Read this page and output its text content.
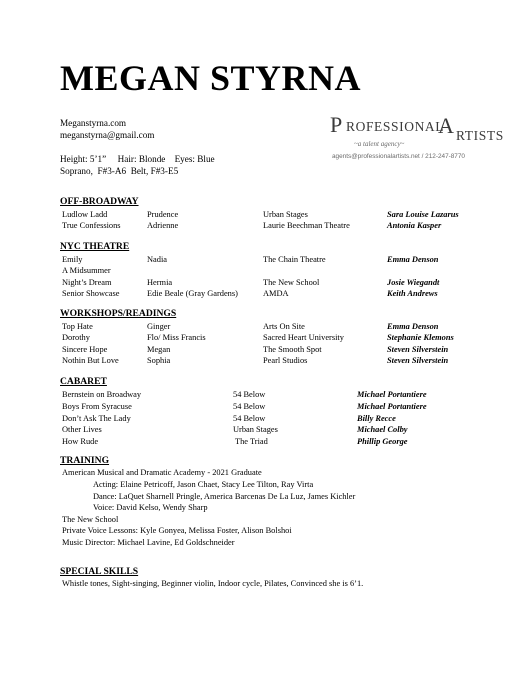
MEGAN STYRNA
Meganstyrna.com
meganstyrna@gmail.com
Height: 5’1”     Hair: Blonde    Eyes: Blue
Soprano,  F#3-A6  Belt, F#3-E5
P ROFESSIONAL
A RTISTS
~a talent agency~
agents@professionalartists.net / 212-247-8770
OFF-BROADWAY
Ludlow Ladd	Prudence	Urban Stages	Sara Louise Lazarus
True Confessions	Adrienne	Laurie Beechman Theatre	Antonia Kasper
NYC THEATRE
Emily	Nadia	The Chain Theatre	Emma Denson
A Midsummer
Night’s Dream	Hermia	The New School	Josie Wiegandt
Senior Showcase	Edie Beale (Gray Gardens)	AMDA	Keith Andrews
WORKSHOPS/READINGS
Top Hate	Ginger	Arts On Site	Emma Denson
Dorothy	Flo/ Miss Francis	Sacred Heart University	Stephanie Klemons
Sincere Hope	Megan	The Smooth Spot	Steven Silverstein
Nothin But Love	Sophia	Pearl Studios	Steven Silverstein
CABARET
Bernstein on Broadway	54 Below	Michael Portantiere
Boys From Syracuse	54 Below	Michael Portantiere
Don’t Ask The Lady	54 Below	Billy Recce
Other Lives	Urban Stages	Michael Colby
How Rude	The Triad	Phillip George
TRAINING
American Musical and Dramatic Academy - 2021 Graduate
Acting: Elaine Petricoff, Jason Chaet, Stacy Lee Tilton, Ray Virta
Dance: LaQuet Sharnell Pringle, America Barcenas De La Luz, James Kichler
Voice: David Kelso, Wendy Sharp
The New School
Private Voice Lessons: Kyle Gonyea, Melissa Foster, Alison Bolshoi
Music Director: Michael Lavine, Ed Goldschneider
SPECIAL SKILLS
Whistle tones, Sight-singing, Beginner violin, Indoor cycle, Pilates, Convinced she is 6’1.
